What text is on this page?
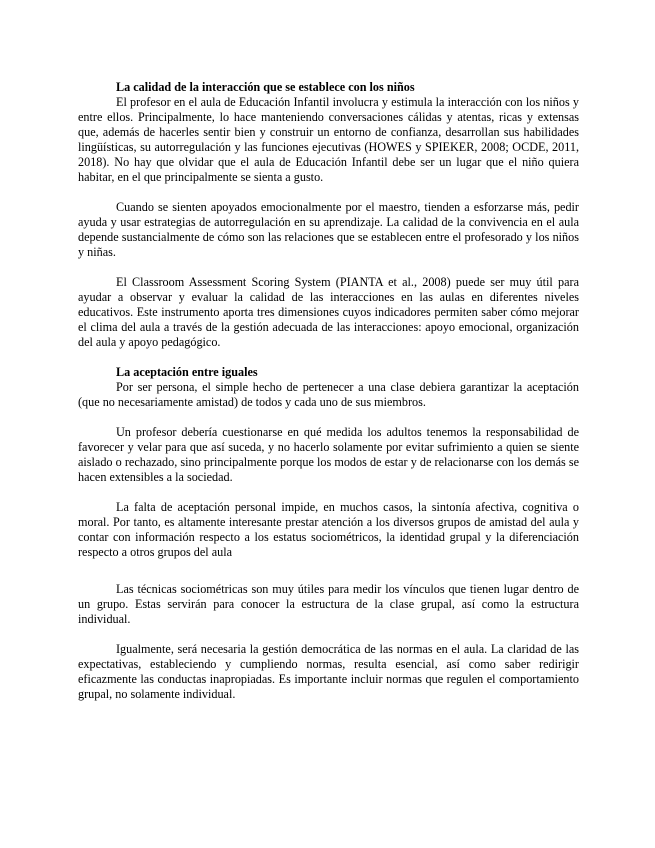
La calidad de la interacción que se establece con los niños

El profesor en el aula de Educación Infantil involucra y estimula la interacción con los niños y entre ellos. Principalmente, lo hace manteniendo conversaciones cálidas y atentas, ricas y extensas que, además de hacerles sentir bien y construir un entorno de confianza, desarrollan sus habilidades lingüísticas, su autorregulación y las funciones ejecutivas (HOWES y SPIEKER, 2008; OCDE, 2011, 2018). No hay que olvidar que el aula de Educación Infantil debe ser un lugar que el niño quiera habitar, en el que principalmente se sienta a gusto.

Cuando se sienten apoyados emocionalmente por el maestro, tienden a esforzarse más, pedir ayuda y usar estrategias de autorregulación en su aprendizaje. La calidad de la convivencia en el aula depende sustancialmente de cómo son las relaciones que se establecen entre el profesorado y los niños y niñas.

El Classroom Assessment Scoring System (PIANTA et al., 2008) puede ser muy útil para ayudar a observar y evaluar la calidad de las interacciones en las aulas en diferentes niveles educativos. Este instrumento aporta tres dimensiones cuyos indicadores permiten saber cómo mejorar el clima del aula a través de la gestión adecuada de las interacciones: apoyo emocional, organización del aula y apoyo pedagógico.

La aceptación entre iguales

Por ser persona, el simple hecho de pertenecer a una clase debiera garantizar la aceptación (que no necesariamente amistad) de todos y cada uno de sus miembros.

Un profesor debería cuestionarse en qué medida los adultos tenemos la responsabilidad de favorecer y velar para que así suceda, y no hacerlo solamente por evitar sufrimiento a quien se siente aislado o rechazado, sino principalmente porque los modos de estar y de relacionarse con los demás se hacen extensibles a la sociedad.

La falta de aceptación personal impide, en muchos casos, la sintonía afectiva, cognitiva o moral. Por tanto, es altamente interesante prestar atención a los diversos grupos de amistad del aula y contar con información respecto a los estatus sociométricos, la identidad grupal y la diferenciación respecto a otros grupos del aula

Las técnicas sociométricas son muy útiles para medir los vínculos que tienen lugar dentro de un grupo. Estas servirán para conocer la estructura de la clase grupal, así como la estructura individual.

Igualmente, será necesaria la gestión democrática de las normas en el aula. La claridad de las expectativas, estableciendo y cumpliendo normas, resulta esencial, así como saber redirigir eficazmente las conductas inapropiadas. Es importante incluir normas que regulen el comportamiento grupal, no solamente individual.
